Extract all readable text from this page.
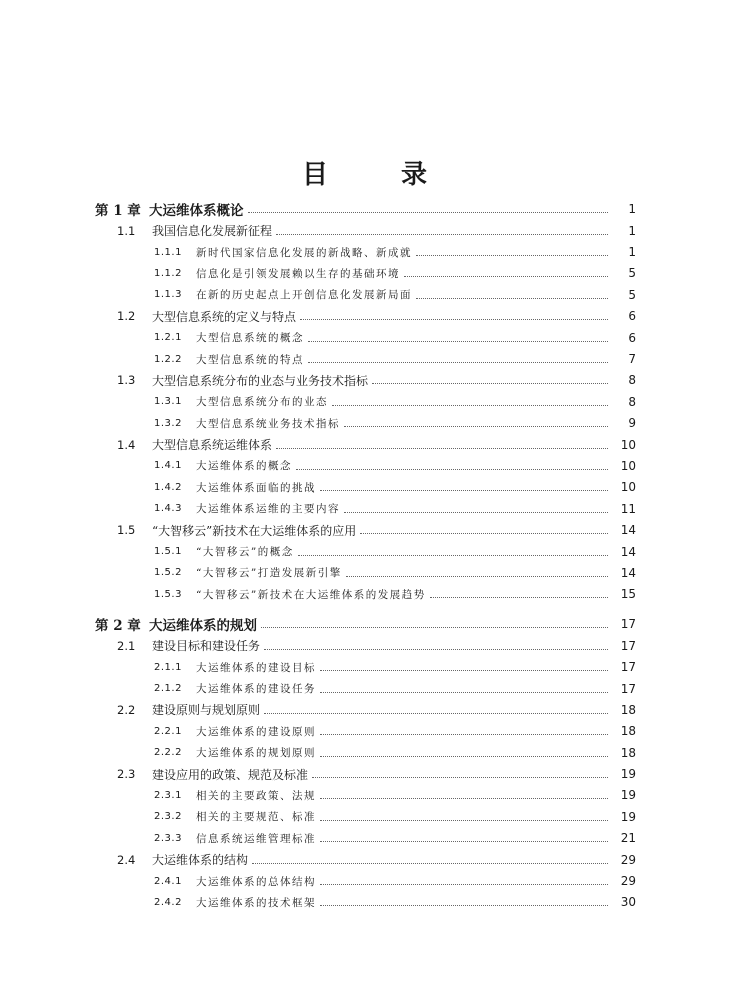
目 录
第 1 章 大运维体系概论	1
1.1	我国信息化发展新征程	1
1.1.1	新时代国家信息化发展的新战略、新成就	1
1.1.2	信息化是引领发展赖以生存的基础环境	5
1.1.3	在新的历史起点上开创信息化发展新局面	5
1.2	大型信息系统的定义与特点	6
1.2.1	大型信息系统的概念	6
1.2.2	大型信息系统的特点	7
1.3	大型信息系统分布的业态与业务技术指标	8
1.3.1	大型信息系统分布的业态	8
1.3.2	大型信息系统业务技术指标	9
1.4	大型信息系统运维体系	10
1.4.1	大运维体系的概念	10
1.4.2	大运维体系面临的挑战	10
1.4.3	大运维体系运维的主要内容	11
1.5	“大智移云”新技术在大运维体系的应用	14
1.5.1	“大智移云”的概念	14
1.5.2	“大智移云”打造发展新引擎	14
1.5.3	“大智移云”新技术在大运维体系的发展趋势	15
第 2 章 大运维体系的规划	17
2.1	建设目标和建设任务	17
2.1.1	大运维体系的建设目标	17
2.1.2	大运维体系的建设任务	17
2.2	建设原则与规划原则	18
2.2.1	大运维体系的建设原则	18
2.2.2	大运维体系的规划原则	18
2.3	建设应用的政策、规范及标准	19
2.3.1	相关的主要政策、法规	19
2.3.2	相关的主要规范、标准	19
2.3.3	信息系统运维管理标准	21
2.4	大运维体系的结构	29
2.4.1	大运维体系的总体结构	29
2.4.2	大运维体系的技术框架	30
